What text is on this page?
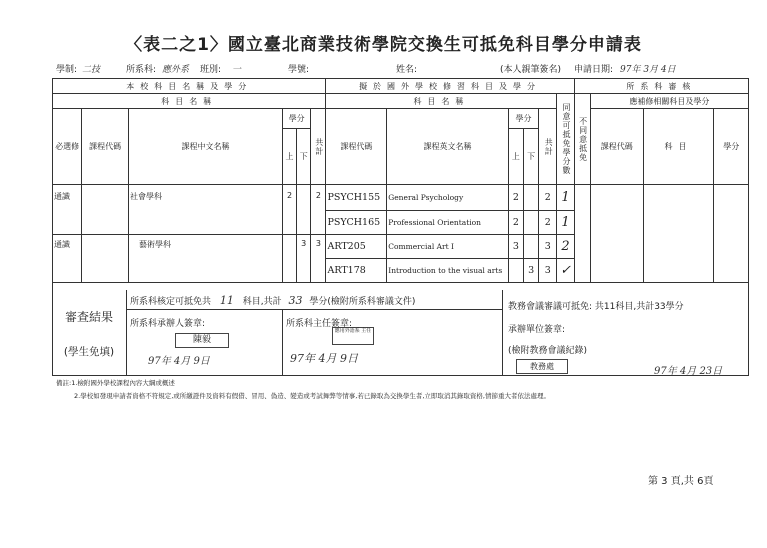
〈表二之1〉國立臺北商業技術學院交換生可抵免科目學分申請表
學制: 二技	所系科: 應外系 班別: 一	學號:	姓名:	(本人親筆簽名) 申請日期: 97年 3月 4日
本校科目名稱及學分						擬於國外學校修習科目及學分						所系科審核			
科目名稱						科目名稱					同意可抵免學分數	不同意抵免	應補修相關科目及學分		
必選修	課程代碼	課程中文名稱	學分		共計	課程代碼	課程英文名稱	學分		共計			課程代碼	科目	學分
			上	下				上	下						
通識		社會學科	2		2	PSYCH155	General Psychology	2		2	1				
						PSYCH165	Professional Orientation	2		2	1				
通識		藝術學科		3	3	ART205	Commercial Art I	3		3	2				
						ART178	Introduction to the visual arts		3	3	✓				

審查結果
(學生免填)
所系科核定可抵免共 11 科目,共計 33 學分(檢附所系科審議文件)
所系科承辦人簽章:
陳毅
97年 4月 9日
所系科主任簽章:
應用外語系 主任
97年 4月 9日
教務會議審議可抵免: 共11科目,共計33學分
承辦單位簽章:
(檢附教務會議紀錄)
教務處	97年 4月 23日
備註:1.檢附國外學校課程內容大綱或概述
2.學校如發現申請者資格不符規定,或所繳證件及資料有假借、冒用、偽造、變造或考試舞弊等情事,若已錄取為交換學生者,立即取消其錄取資格,情節重大者依法處理。
第 3 頁,共 6頁
